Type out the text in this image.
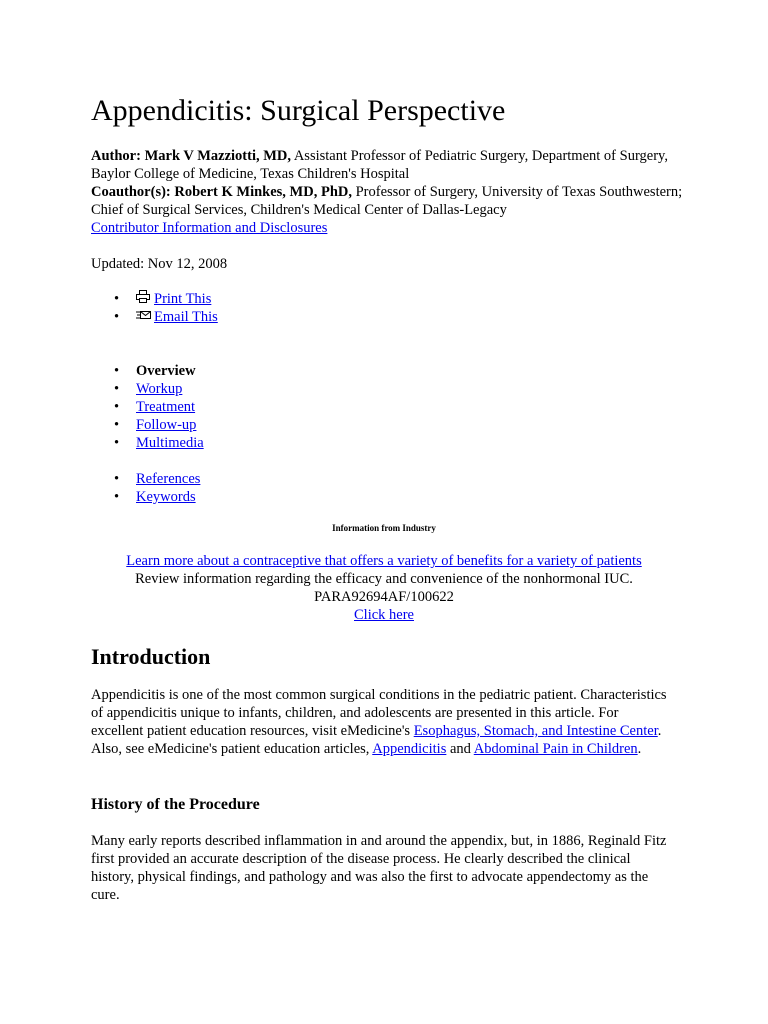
Appendicitis: Surgical Perspective

Author: Mark V Mazziotti, MD, Assistant Professor of Pediatric Surgery, Department of Surgery, Baylor College of Medicine, Texas Children's Hospital

Coauthor(s): Robert K Minkes, MD, PhD, Professor of Surgery, University of Texas Southwestern; Chief of Surgical Services, Children's Medical Center of Dallas-Legacy

Contributor Information and Disclosures

Updated: Nov 12, 2008
• Print This
• Email This
• Overview
• Workup
• Treatment
• Follow-up
• Multimedia
• References
• Keywords
Information from Industry
Learn more about a contraceptive that offers a variety of benefits for a variety of patients
Review information regarding the efficacy and convenience of the nonhormonal IUC.
PARA92694AF/100622
Click here
Introduction

Appendicitis is one of the most common surgical conditions in the pediatric patient. Characteristics of appendicitis unique to infants, children, and adolescents are presented in this article. For excellent patient education resources, visit eMedicine's Esophagus, Stomach, and Intestine Center. Also, see eMedicine's patient education articles, Appendicitis and Abdominal Pain in Children.

History of the Procedure

Many early reports described inflammation in and around the appendix, but, in 1886, Reginald Fitz first provided an accurate description of the disease process. He clearly described the clinical history, physical findings, and pathology and was also the first to advocate appendectomy as the cure.
